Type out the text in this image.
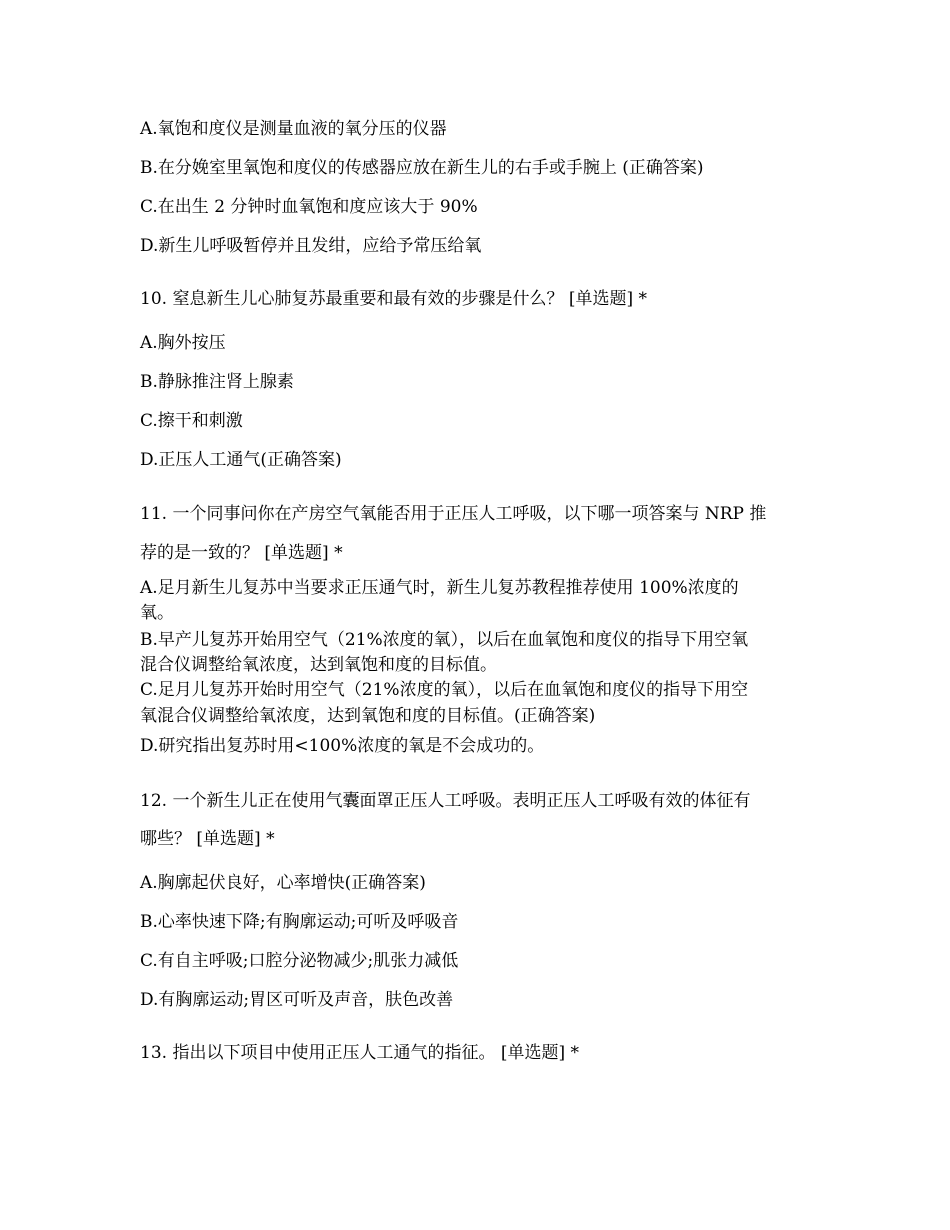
A.氧饱和度仪是测量血液的氧分压的仪器
B.在分娩室里氧饱和度仪的传感器应放在新生儿的右手或手腕上 (正确答案)
C.在出生 2 分钟时血氧饱和度应该大于 90%
D.新生儿呼吸暂停并且发绀，应给予常压给氧
10. 窒息新生儿心肺复苏最重要和最有效的步骤是什么？ [单选题] *
A.胸外按压
B.静脉推注肾上腺素
C.擦干和刺激
D.正压人工通气(正确答案)
11. 一个同事问你在产房空气氧能否用于正压人工呼吸，以下哪一项答案与 NRP 推
荐的是一致的？ [单选题] *
A.足月新生儿复苏中当要求正压通气时，新生儿复苏教程推荐使用 100%浓度的
氧。
B.早产儿复苏开始用空气（21%浓度的氧），以后在血氧饱和度仪的指导下用空氧
混合仪调整给氧浓度，达到氧饱和度的目标值。
C.足月儿复苏开始时用空气（21%浓度的氧），以后在血氧饱和度仪的指导下用空
氧混合仪调整给氧浓度，达到氧饱和度的目标值。(正确答案)
D.研究指出复苏时用<100%浓度的氧是不会成功的。
12. 一个新生儿正在使用气囊面罩正压人工呼吸。表明正压人工呼吸有效的体征有
哪些？ [单选题] *
A.胸廓起伏良好，心率增快(正确答案)
B.心率快速下降;有胸廓运动;可听及呼吸音
C.有自主呼吸;口腔分泌物减少;肌张力减低
D.有胸廓运动;胃区可听及声音，肤色改善
13. 指出以下项目中使用正压人工通气的指征。 [单选题] *
